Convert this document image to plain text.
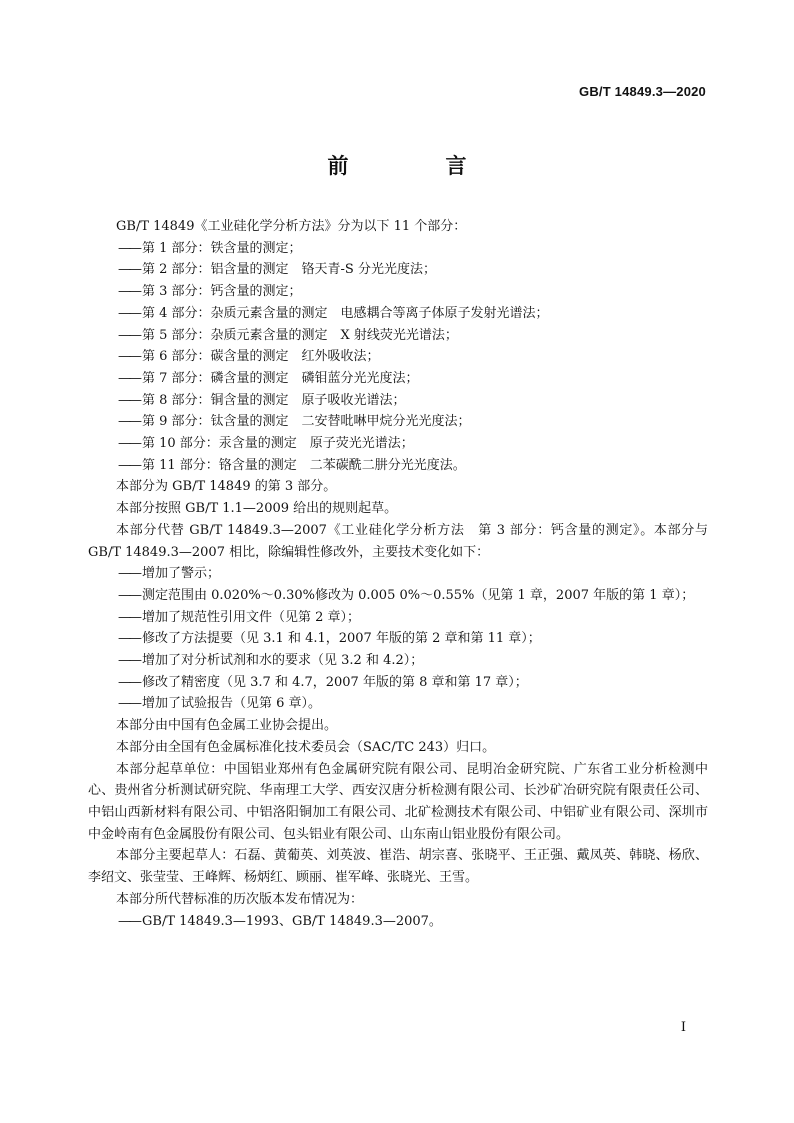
GB/T 14849.3—2020
前　言

GB/T 14849《工业硅化学分析方法》分为以下 11 个部分：

—— 第 1 部分：铁含量的测定；

—— 第 2 部分：铝含量的测定　铬天青-S 分光光度法；

—— 第 3 部分：钙含量的测定；

—— 第 4 部分：杂质元素含量的测定　电感耦合等离子体原子发射光谱法；

—— 第 5 部分：杂质元素含量的测定　X 射线荧光光谱法；

—— 第 6 部分：碳含量的测定　红外吸收法；

—— 第 7 部分：磷含量的测定　磷钼蓝分光光度法；

—— 第 8 部分：铜含量的测定　原子吸收光谱法；

—— 第 9 部分：钛含量的测定　二安替吡啉甲烷分光光度法；

—— 第 10 部分：汞含量的测定　原子荧光光谱法；

—— 第 11 部分：铬含量的测定　二苯碳酰二肼分光光度法。

本部分为 GB/T 14849 的第 3 部分。

本部分按照 GB/T 1.1—2009 给出的规则起草。

本部分代替 GB/T 14849.3—2007《工业硅化学分析方法　第 3 部分：钙含量的测定》。本部分与 GB/T 14849.3—2007 相比，除编辑性修改外，主要技术变化如下：

—— 增加了警示；

—— 测定范围由 0.020%～0.30%修改为 0.005 0%～0.55%（见第 1 章，2007 年版的第 1 章）；

—— 增加了规范性引用文件（见第 2 章）；

—— 修改了方法提要（见 3.1 和 4.1，2007 年版的第 2 章和第 11 章）；

—— 增加了对分析试剂和水的要求（见 3.2 和 4.2）；

—— 修改了精密度（见 3.7 和 4.7，2007 年版的第 8 章和第 17 章）；

—— 增加了试验报告（见第 6 章）。

本部分由中国有色金属工业协会提出。

本部分由全国有色金属标准化技术委员会（SAC/TC 243）归口。

本部分起草单位：中国铝业郑州有色金属研究院有限公司、昆明冶金研究院、广东省工业分析检测中心、贵州省分析测试研究院、华南理工大学、西安汉唐分析检测有限公司、长沙矿冶研究院有限责任公司、中铝山西新材料有限公司、中铝洛阳铜加工有限公司、北矿检测技术有限公司、中铝矿业有限公司、深圳市中金岭南有色金属股份有限公司、包头铝业有限公司、山东南山铝业股份有限公司。

本部分主要起草人：石磊、黄葡英、刘英波、崔浩、胡宗喜、张晓平、王正强、戴凤英、韩晓、杨欣、李绍文、张莹莹、王峰辉、杨炳红、顾丽、崔军峰、张晓光、王雪。

本部分所代替标准的历次版本发布情况为：

—— GB/T 14849.3—1993、GB/T 14849.3—2007。

I
